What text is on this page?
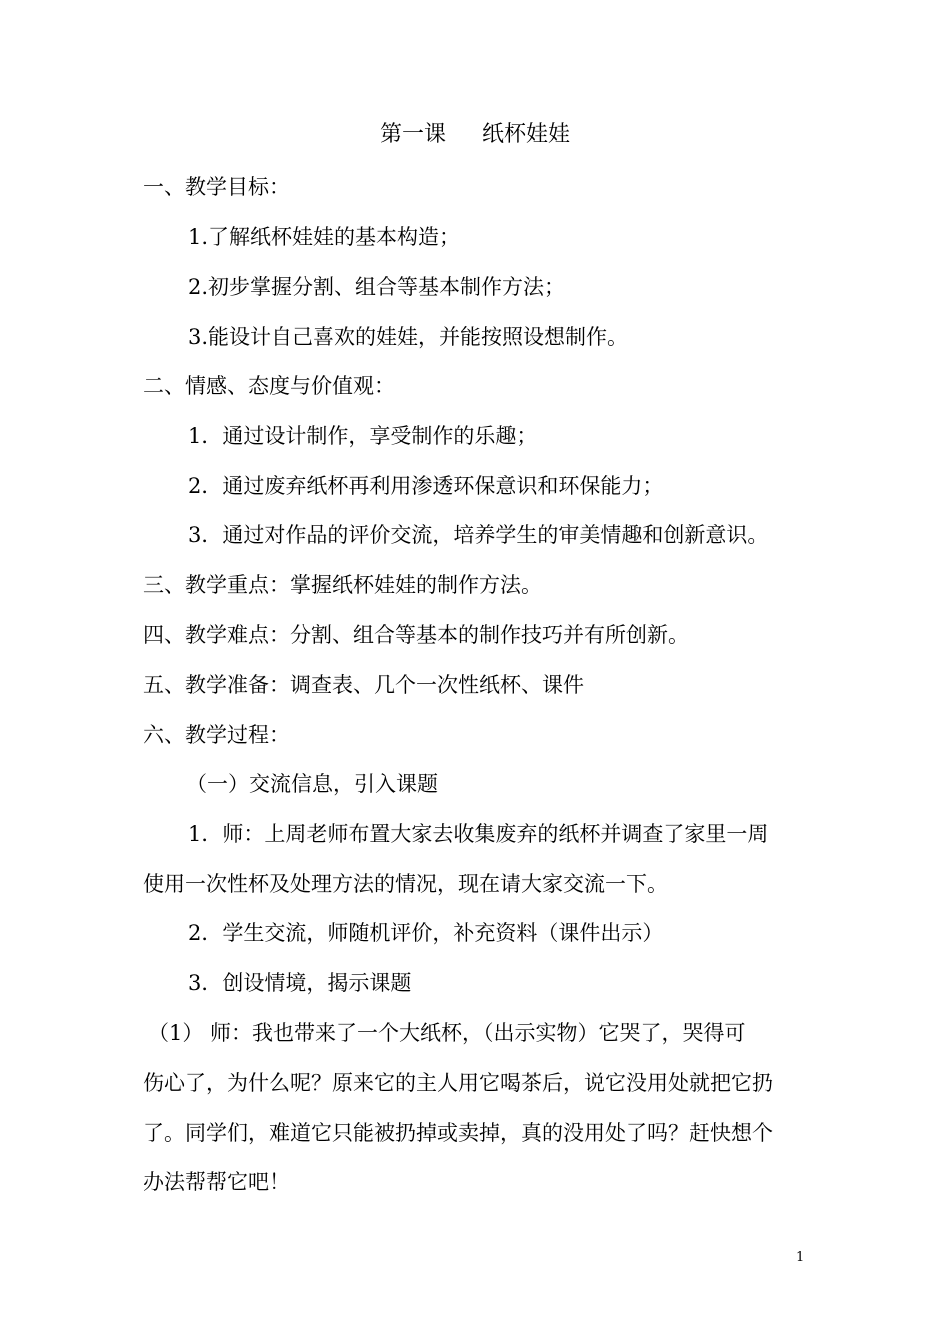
第一课 纸杯娃娃
一、教学目标：
1.了解纸杯娃娃的基本构造；
2.初步掌握分割、组合等基本制作方法；
3.能设计自己喜欢的娃娃，并能按照设想制作。
二、情感、态度与价值观：
1．通过设计制作，享受制作的乐趣；
2．通过废弃纸杯再利用渗透环保意识和环保能力；
3．通过对作品的评价交流，培养学生的审美情趣和创新意识。
三、教学重点：掌握纸杯娃娃的制作方法。
四、教学难点：分割、组合等基本的制作技巧并有所创新。
五、教学准备：调查表、几个一次性纸杯、课件
六、教学过程：
（一）交流信息，引入课题
1．师：上周老师布置大家去收集废弃的纸杯并调查了家里一周
使用一次性杯及处理方法的情况，现在请大家交流一下。
2．学生交流，师随机评价，补充资料（课件出示）
3．创设情境，揭示课题
（1） 师：我也带来了一个大纸杯，（出示实物）它哭了，哭得可
伤心了，为什么呢？原来它的主人用它喝茶后，说它没用处就把它扔
了。同学们，难道它只能被扔掉或卖掉，真的没用处了吗？赶快想个
办法帮帮它吧！
1
